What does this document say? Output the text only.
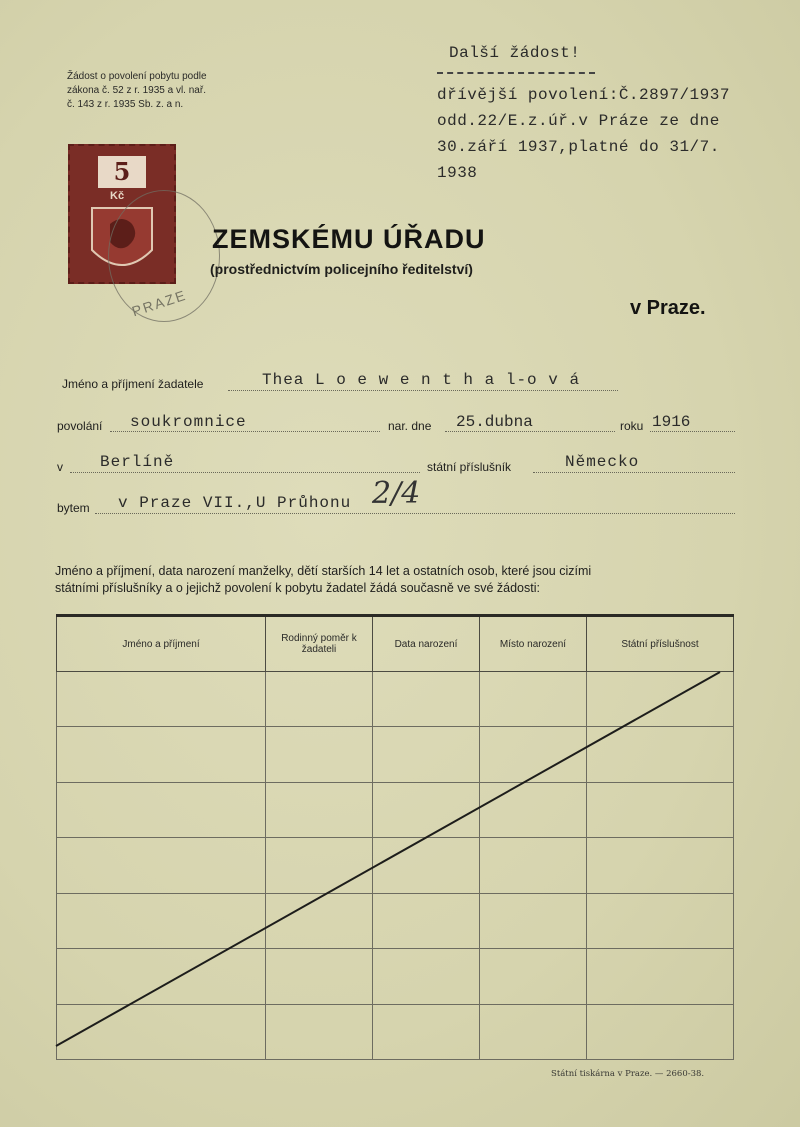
Žádost o povolení pobytu podle
zákona č. 52 z r. 1935 a vl. nař.
č. 143 z r. 1935 Sb. z. a n.
Další žádost!
dřívější povolení:Č.2897/1937
odd.22/E.z.úř.v Práze ze dne
30.září 1937,platné do 31/7.
1938
5
Kč
PRAZE
ZEMSKÉMU ÚŘADU
(prostřednictvím policejního ředitelství)
v Praze.
Jméno a příjmení žadatele	Thea L o e w e n t h a l-o v á
povolání soukromnice	nar. dne 25.dubna	roku 1916
v Berlíně	státní příslušník	Německo
bytem v Praze VII.,U Průhonu 2/4
Jméno a příjmení, data narození manželky, dětí starších 14 let a ostatních osob, které jsou cizími
státními příslušníky a o jejichž povolení k pobytu žadatel žádá současně ve své žádosti:
Jméno a příjmení	Rodinný poměr k žadateli	Data narození	Místo narození	Státní příslušnost

Státní tiskárna v Praze. — 2660-38.
